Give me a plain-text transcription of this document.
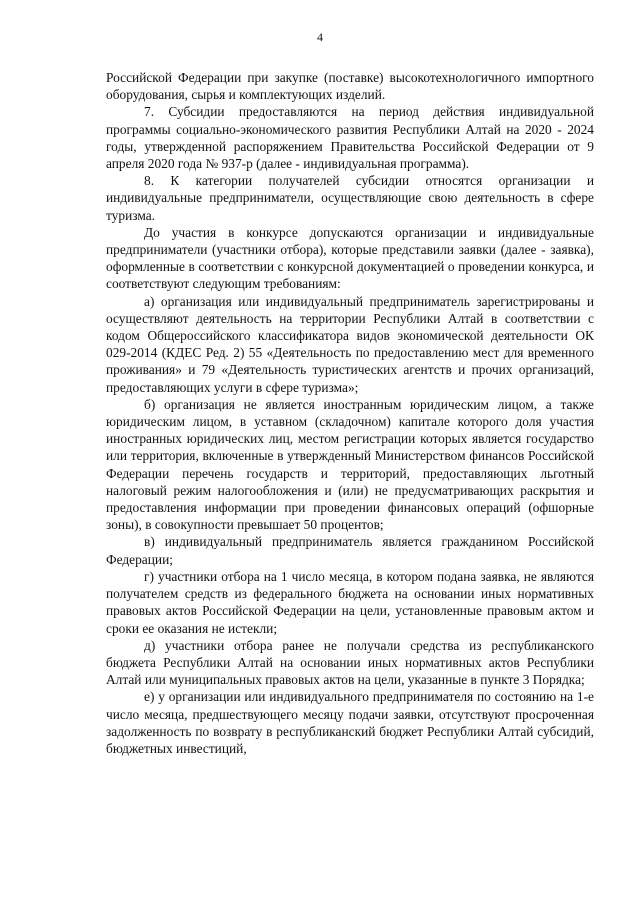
4

Российской Федерации при закупке (поставке) высокотехнологичного импортного оборудования, сырья и комплектующих изделий.

7. Субсидии предоставляются на период действия индивидуальной программы социально-экономического развития Республики Алтай на 2020 - 2024 годы, утвержденной распоряжением Правительства Российской Федерации от 9 апреля 2020 года № 937-р (далее - индивидуальная программа).

8. К категории получателей субсидии относятся организации и индивидуальные предприниматели, осуществляющие свою деятельность в сфере туризма.

До участия в конкурсе допускаются организации и индивидуальные предприниматели (участники отбора), которые представили заявки (далее - заявка), оформленные в соответствии с конкурсной документацией о проведении конкурса, и соответствуют следующим требованиям:

а) организация или индивидуальный предприниматель зарегистрированы и осуществляют деятельность на территории Республики Алтай в соответствии с кодом Общероссийского классификатора видов экономической деятельности ОК 029-2014 (КДЕС Ред. 2) 55 «Деятельность по предоставлению мест для временного проживания» и 79 «Деятельность туристических агентств и прочих организаций, предоставляющих услуги в сфере туризма»;

б) организация не является иностранным юридическим лицом, а также юридическим лицом, в уставном (складочном) капитале которого доля участия иностранных юридических лиц, местом регистрации которых является государство или территория, включенные в утвержденный Министерством финансов Российской Федерации перечень государств и территорий, предоставляющих льготный налоговый режим налогообложения и (или) не предусматривающих раскрытия и предоставления информации при проведении финансовых операций (офшорные зоны), в совокупности превышает 50 процентов;

в) индивидуальный предприниматель является гражданином Российской Федерации;

г) участники отбора на 1 число месяца, в котором подана заявка, не являются получателем средств из федерального бюджета на основании иных нормативных правовых актов Российской Федерации на цели, установленные правовым актом и сроки ее оказания не истекли;

д) участники отбора ранее не получали средства из республиканского бюджета Республики Алтай на основании иных нормативных актов Республики Алтай или муниципальных правовых актов на цели, указанные в пункте 3 Порядка;

е) у организации или индивидуального предпринимателя по состоянию на 1-е число месяца, предшествующего месяцу подачи заявки, отсутствуют просроченная задолженность по возврату в республиканский бюджет Республики Алтай субсидий, бюджетных инвестиций,
